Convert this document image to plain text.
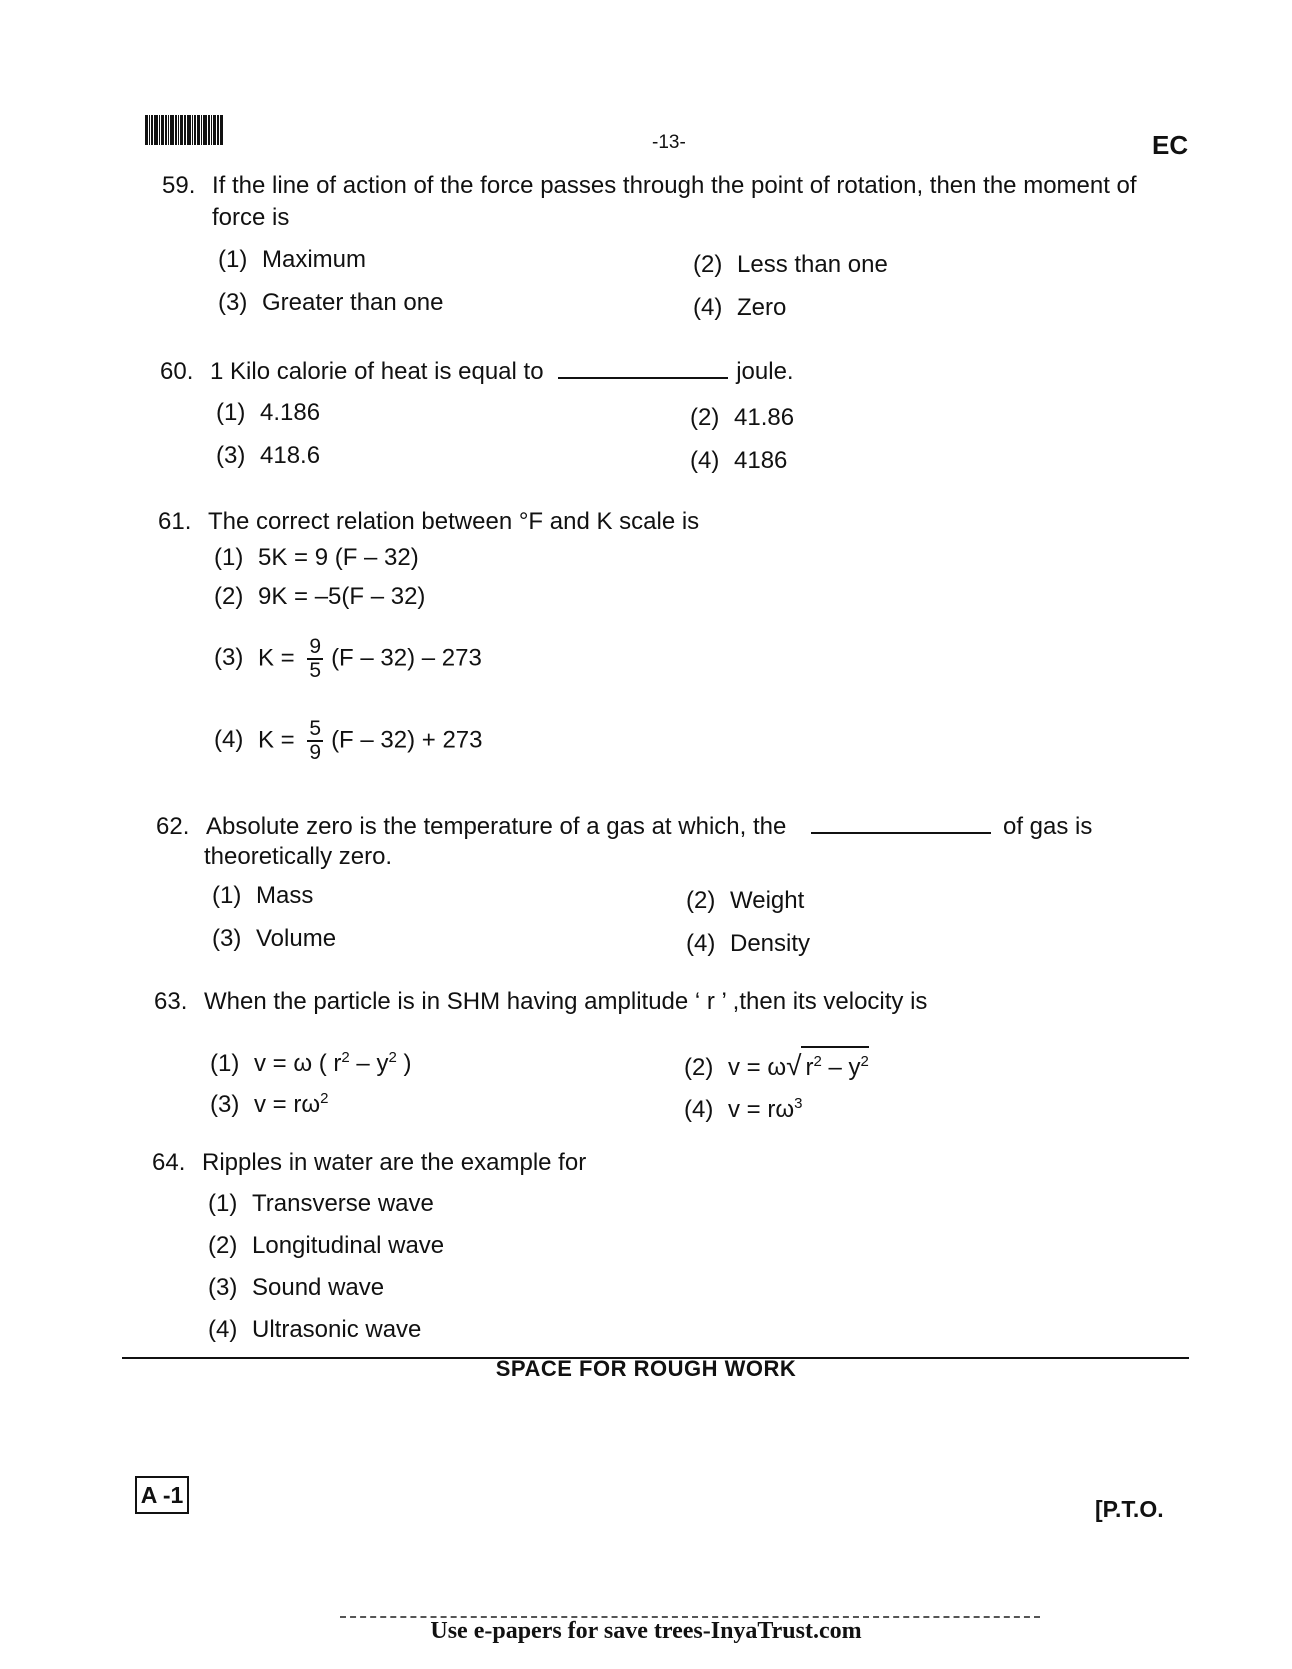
-13-	EC
59. If the line of action of the force passes through the point of rotation, then the moment of
force is
(1) Maximum	(2) Less than one
(3) Greater than one	(4) Zero
60. 1 Kilo calorie of heat is equal to	joule.
(1) 4.186	(2) 41.86
(3) 418.6	(4) 4186
61. The correct relation between °F and K scale is
(1) 5K = 9 (F – 32)
(2) 9K = –5(F – 32)
(3) $K = \frac{9}{5} (F - 32) - 273$
(4) $K = \frac{5}{9} (F - 32) + 273$
62. Absolute zero is the temperature of a gas at which, the	of gas is
theoretically zero.
(1) Mass	(2) Weight
(3) Volume	(4) Density
63. When the particle is in SHM having amplitude ‘ r ’ ,then its velocity is
(1) v = ω ( $r^2 - y^2$ )	(2) v = ω√ $r^2 - y^2$
(3) $v = r\omega^2$	(4) $v = r\omega^3$
64. Ripples in water are the example for
(1) Transverse wave
(2) Longitudinal wave
(3) Sound wave
(4) Ultrasonic wave
SPACE FOR ROUGH WORK
A -1
[P.T.O.
Use e-papers for save trees-InyaTrust.com
